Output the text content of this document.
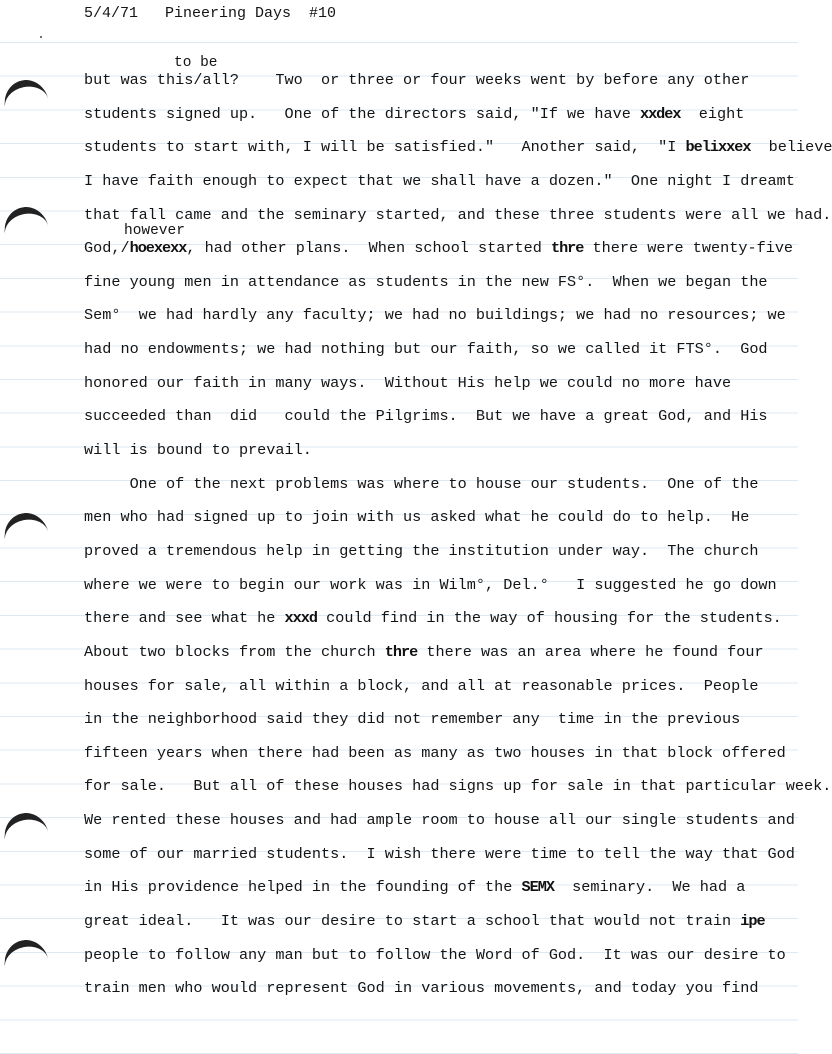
5/4/71   Pineering Days  #10
to be
however
but was this/all?    Two  or three or four weeks went by before any other
students signed up.   One of the directors said, "If we have xxdex  eight
students to start with, I will be satisfied."   Another said,  "I belixxex  believe
I have faith enough to expect that we shall have a dozen."  One night I dreamt
that fall came and the seminary started, and these three students were all we had.
God,/hoexexx, had other plans.  When school started thre there were twenty-five
fine young men in attendance as students in the new FS°.  When we began the
Sem°  we had hardly any faculty; we had no buildings; we had no resources; we
had no endowments; we had nothing but our faith, so we called it FTS°.  God
honored our faith in many ways.  Without His help we could no more have
succeeded than  did   could the Pilgrims.  But we have a great God, and His
will is bound to prevail.
One of the next problems was where to house our students.  One of the
men who had signed up to join with us asked what he could do to help.  He
proved a tremendous help in getting the institution under way.  The church
where we were to begin our work was in Wilm°, Del.°   I suggested he go down
there and see what he xxxd could find in the way of housing for the students.
About two blocks from the church thre there was an area where he found four
houses for sale, all within a block, and all at reasonable prices.  People
in the neighborhood said they did not remember any  time in the previous
fifteen years when there had been as many as two houses in that block offered
for sale.   But all of these houses had signs up for sale in that particular week.
We rented these houses and had ample room to house all our single students and
some of our married students.  I wish there were time to tell the way that God
in His providence helped in the founding of the SEMX  seminary.  We had a
great ideal.   It was our desire to start a school that would not train ipe
people to follow any man but to follow the Word of God.  It was our desire to
train men who would represent God in various movements, and today you find
